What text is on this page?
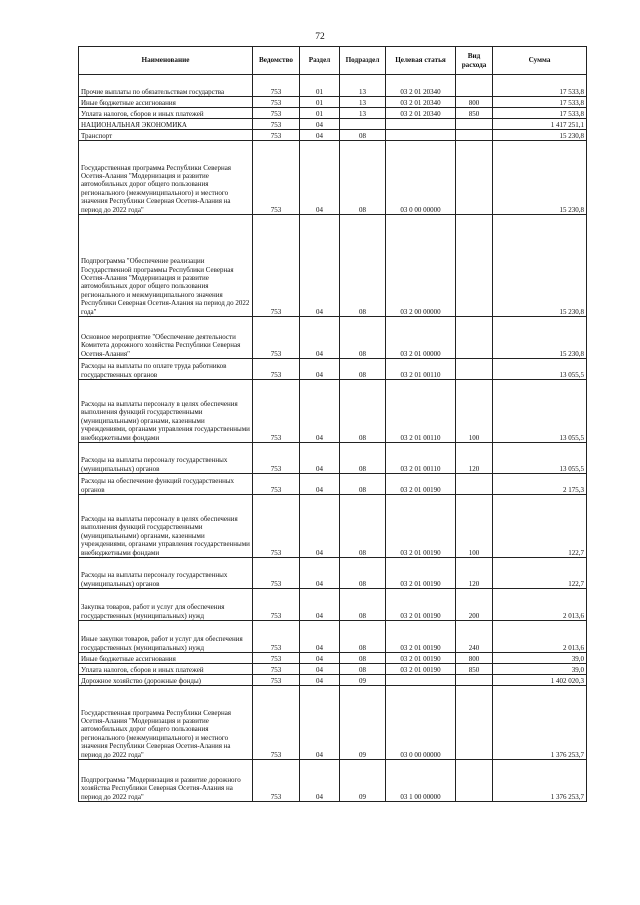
72
Наименование	Ведомство	Раздел	Подраздел	Целевая статья	Вид расхода	Сумма
Прочие выплаты по обязательствам государства	753	01	13	03 2 01 20340		17 533,8
Иные бюджетные ассигнования	753	01	13	03 2 01 20340	800	17 533,8
Уплата налогов, сборов и иных платежей	753	01	13	03 2 01 20340	850	17 533,8
НАЦИОНАЛЬНАЯ ЭКОНОМИКА	753	04				1 417 251,1
Транспорт	753	04	08			15 230,8
Государственная программа Республики Северная Осетия-Алания "Модернизация и развитие автомобильных дорог общего пользования регионального (межмуниципального) и местного значения Республики Северная Осетия-Алания на период до 2022 года"	753	04	08	03 0 00 00000		15 230,8
Подпрограмма "Обеспечение реализации Государственной программы Республики Северная Осетия-Алания "Модернизация и развитие автомобильных дорог общего пользования регионального и межмуниципального значения Республики Северная Осетия-Алания на период до 2022 года"	753	04	08	03 2 00 00000		15 230,8
Основное мероприятие "Обеспечение деятельности Комитета дорожного хозяйства Республики Северная Осетия-Алания"	753	04	08	03 2 01 00000		15 230,8
Расходы на выплаты по оплате труда работников государственных органов	753	04	08	03 2 01 00110		13 055,5
Расходы на выплаты персоналу в целях обеспечения выполнения функций государственными (муниципальными) органами, казенными учреждениями, органами управления государственными внебюджетными фондами	753	04	08	03 2 01 00110	100	13 055,5
Расходы на выплаты персоналу государственных (муниципальных) органов	753	04	08	03 2 01 00110	120	13 055,5
Расходы на обеспечение функций государственных органов	753	04	08	03 2 01 00190		2 175,3
Расходы на выплаты персоналу в целях обеспечения выполнения функций государственными (муниципальными) органами, казенными учреждениями, органами управления государственными внебюджетными фондами	753	04	08	03 2 01 00190	100	122,7
Расходы на выплаты персоналу государственных (муниципальных) органов	753	04	08	03 2 01 00190	120	122,7
Закупка товаров, работ и услуг для обеспечения государственных (муниципальных) нужд	753	04	08	03 2 01 00190	200	2 013,6
Иные закупки товаров, работ и услуг для обеспечения государственных (муниципальных) нужд	753	04	08	03 2 01 00190	240	2 013,6
Иные бюджетные ассигнования	753	04	08	03 2 01 00190	800	39,0
Уплата налогов, сборов и иных платежей	753	04	08	03 2 01 00190	850	39,0
Дорожное хозяйство (дорожные фонды)	753	04	09			1 402 020,3
Государственная программа Республики Северная Осетия-Алания "Модернизация и развитие автомобильных дорог общего пользования регионального (межмуниципального) и местного значения Республики Северная Осетия-Алания на период до 2022 года"	753	04	09	03 0 00 00000		1 376 253,7
Подпрограмма "Модернизация и развитие дорожного хозяйства Республики Северная Осетия-Алания на период до 2022 года"	753	04	09	03 1 00 00000		1 376 253,7
